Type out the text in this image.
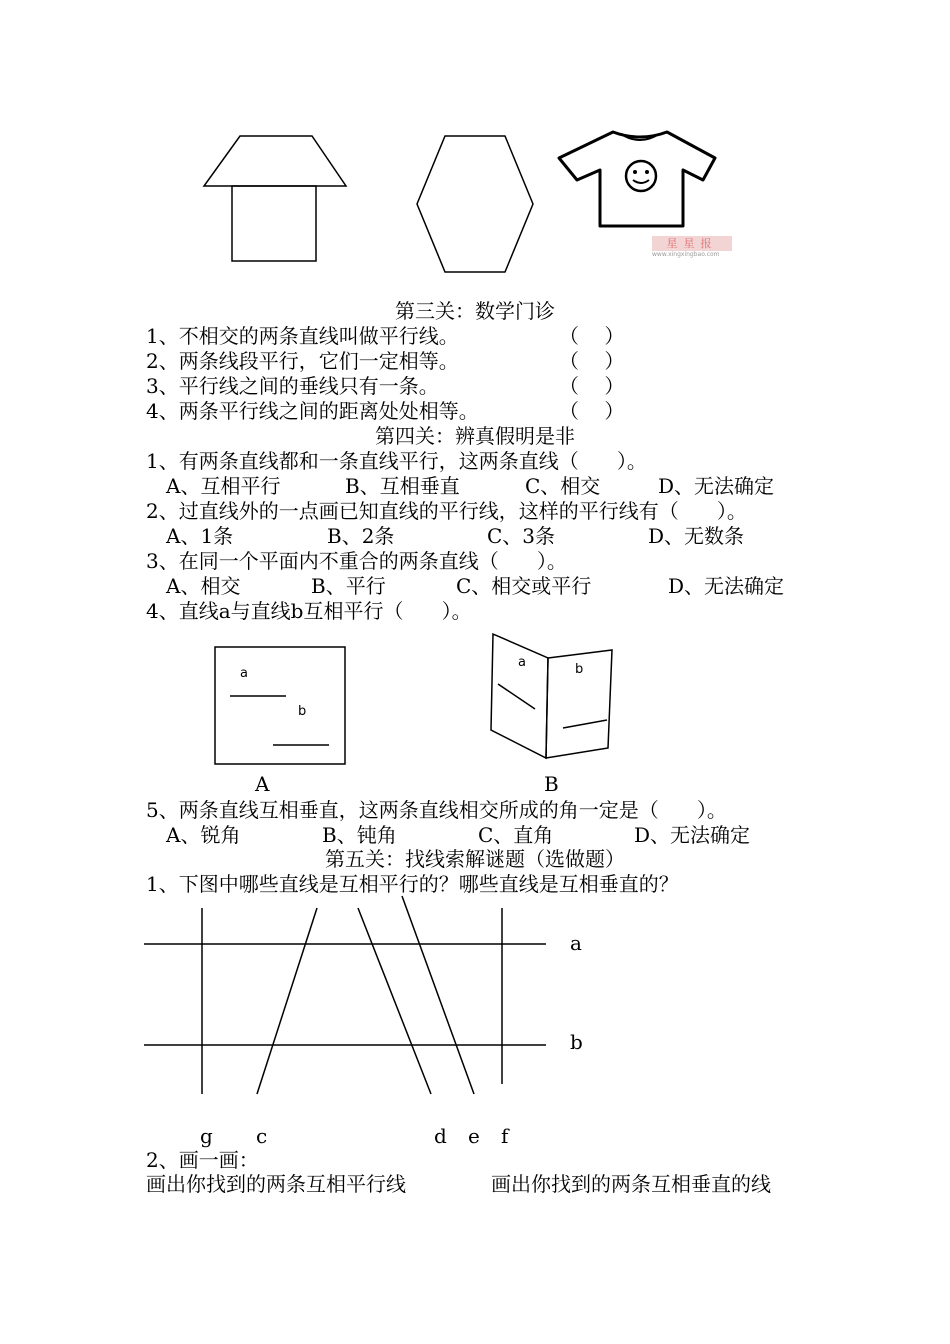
星星报
www.xingxingbao.com
第三关：数学门诊
1、不相交的两条直线叫做平行线。	（    ）
2、两条线段平行，它们一定相等。	（    ）
3、平行线之间的垂线只有一条。	（    ）
4、两条平行线之间的距离处处相等。	（    ）
第四关：辨真假明是非
1、有两条直线都和一条直线平行，这两条直线（      ）。
A、互相平行	B、互相垂直	C、相交	D、无法确定
2、过直线外的一点画已知直线的平行线，这样的平行线有（      ）。
A、1条	B、2条	C、3条	D、无数条
3、在同一个平面内不重合的两条直线（      ）。
A、相交	B、平行	C、相交或平行	D、无法确定
4、直线a与直线b互相平行（      ）。
a
b
A
a	b
B
5、两条直线互相垂直，这两条直线相交所成的角一定是（      ）。
A、锐角	B、钝角	C、直角	D、无法确定
第五关：找线索解谜题（选做题）
1、下图中哪些直线是互相平行的？哪些直线是互相垂直的？
a
b
g c	d e f
2、画一画：
画出你找到的两条互相平行线	画出你找到的两条互相垂直的线
